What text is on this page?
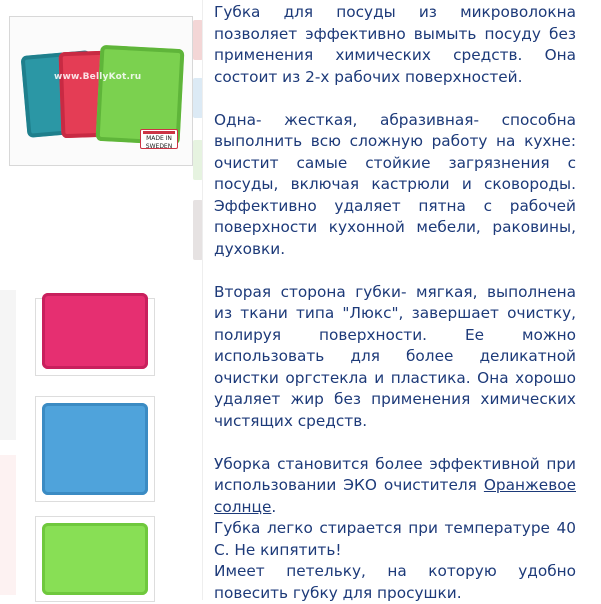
www.BellyKot.ru
MADE IN SWEDEN

Губка для посуды из микроволокна позволяет эффективно вымыть посуду без применения химических средств. Она состоит из 2-х рабочих поверхностей.

Одна- жесткая, абразивная- способна выполнить всю сложную работу на кухне: очистит самые стойкие загрязнения с посуды, включая кастрюли и сковороды. Эффективно удаляет пятна с рабочей поверхности кухонной мебели, раковины, духовки.

Вторая сторона губки- мягкая, выполнена из ткани типа "Люкс", завершает очистку, полируя поверхности. Ее можно использовать для более деликатной очистки оргстекла и пластика. Она хорошо удаляет жир без применения химических чистящих средств.

Уборка становится более эффективной при использовании ЭКО очистителя Оранжевое солнце.

Губка легко стирается при температуре 40 С. Не кипятить!

Имеет петельку, на которую удобно повесить губку для просушки.
